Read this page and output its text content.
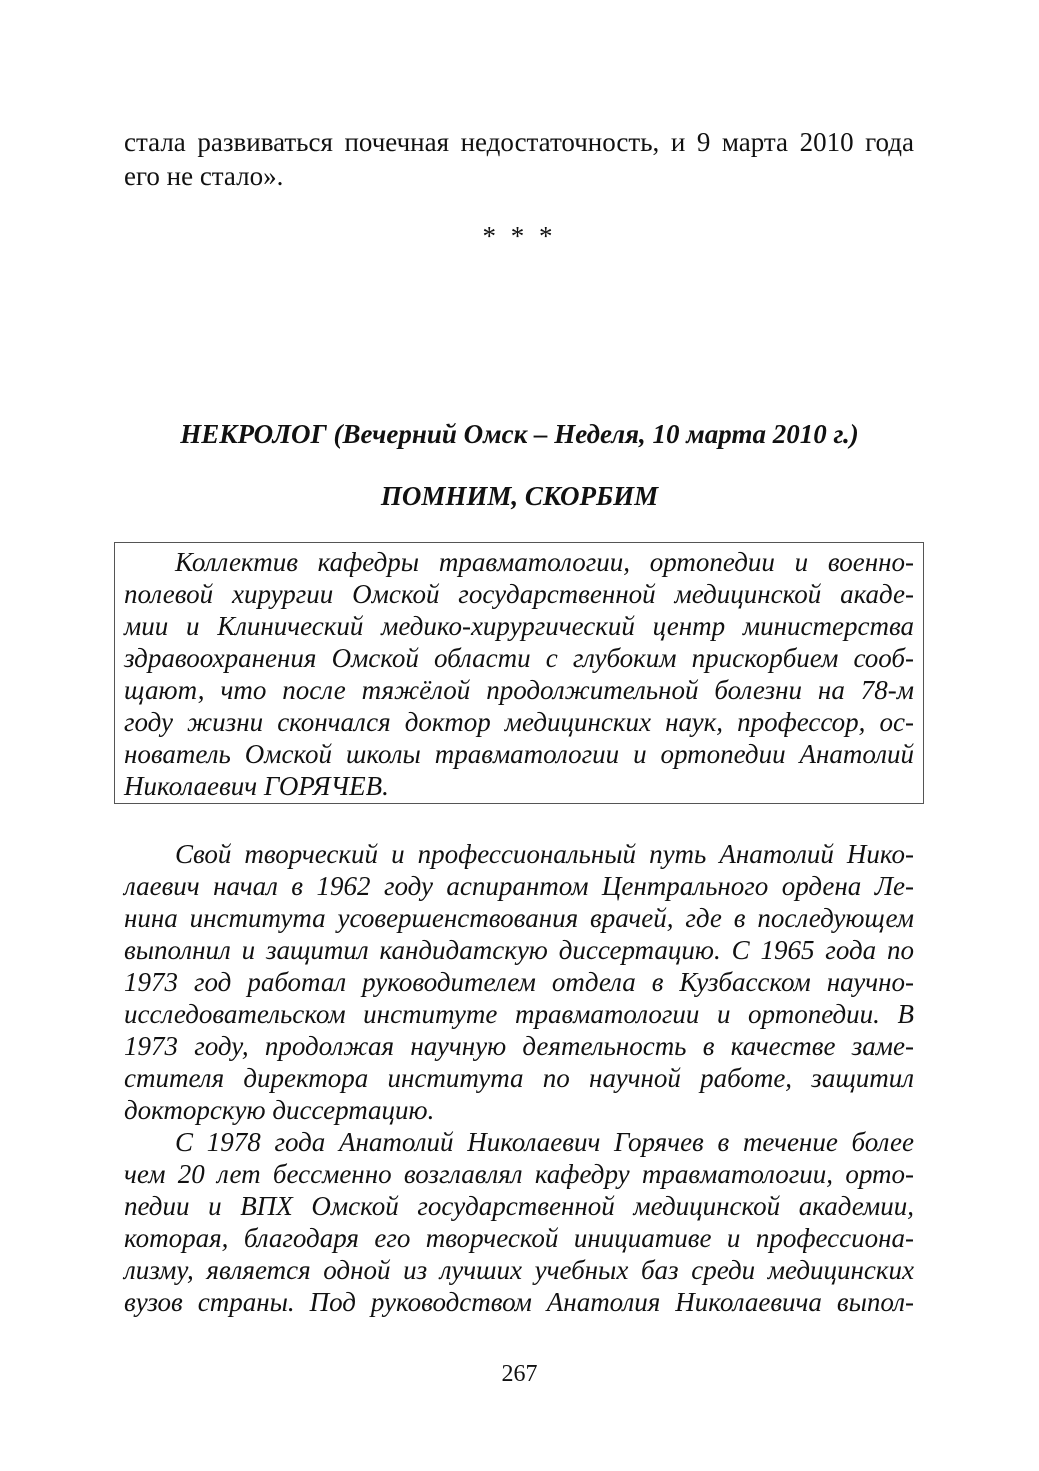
стала развиваться почечная недостаточность, и 9 марта 2010 года
его не стало».
* * *
НЕКРОЛОГ (Вечерний Омск – Неделя, 10 марта 2010 г.)
ПОМНИМ, СКОРБИМ
Коллектив кафедры травматологии, ортопедии и военно-
полевой хирургии Омской государственной медицинской акаде-
мии и Клинический медико-хирургический центр министерства
здравоохранения Омской области с глубоким прискорбием сооб-
щают, что после тяжёлой продолжительной болезни на 78-м
году жизни скончался доктор медицинских наук, профессор, ос-
нователь Омской школы травматологии и ортопедии Анатолий
Николаевич ГОРЯЧЕВ.
Свой творческий и профессиональный путь Анатолий Нико-
лаевич начал в 1962 году аспирантом Центрального ордена Ле-
нина института усовершенствования врачей, где в последующем
выполнил и защитил кандидатскую диссертацию. С 1965 года по
1973 год работал руководителем отдела в Кузбасском научно-
исследовательском институте травматологии и ортопедии. В
1973 году, продолжая научную деятельность в качестве заме-
стителя директора института по научной работе, защитил
докторскую диссертацию.
С 1978 года Анатолий Николаевич Горячев в течение более
чем 20 лет бессменно возглавлял кафедру травматологии, орто-
педии и ВПХ Омской государственной медицинской академии,
которая, благодаря его творческой инициативе и профессиона-
лизму, является одной из лучших учебных баз среди медицинских
вузов страны. Под руководством Анатолия Николаевича выпол-
267
